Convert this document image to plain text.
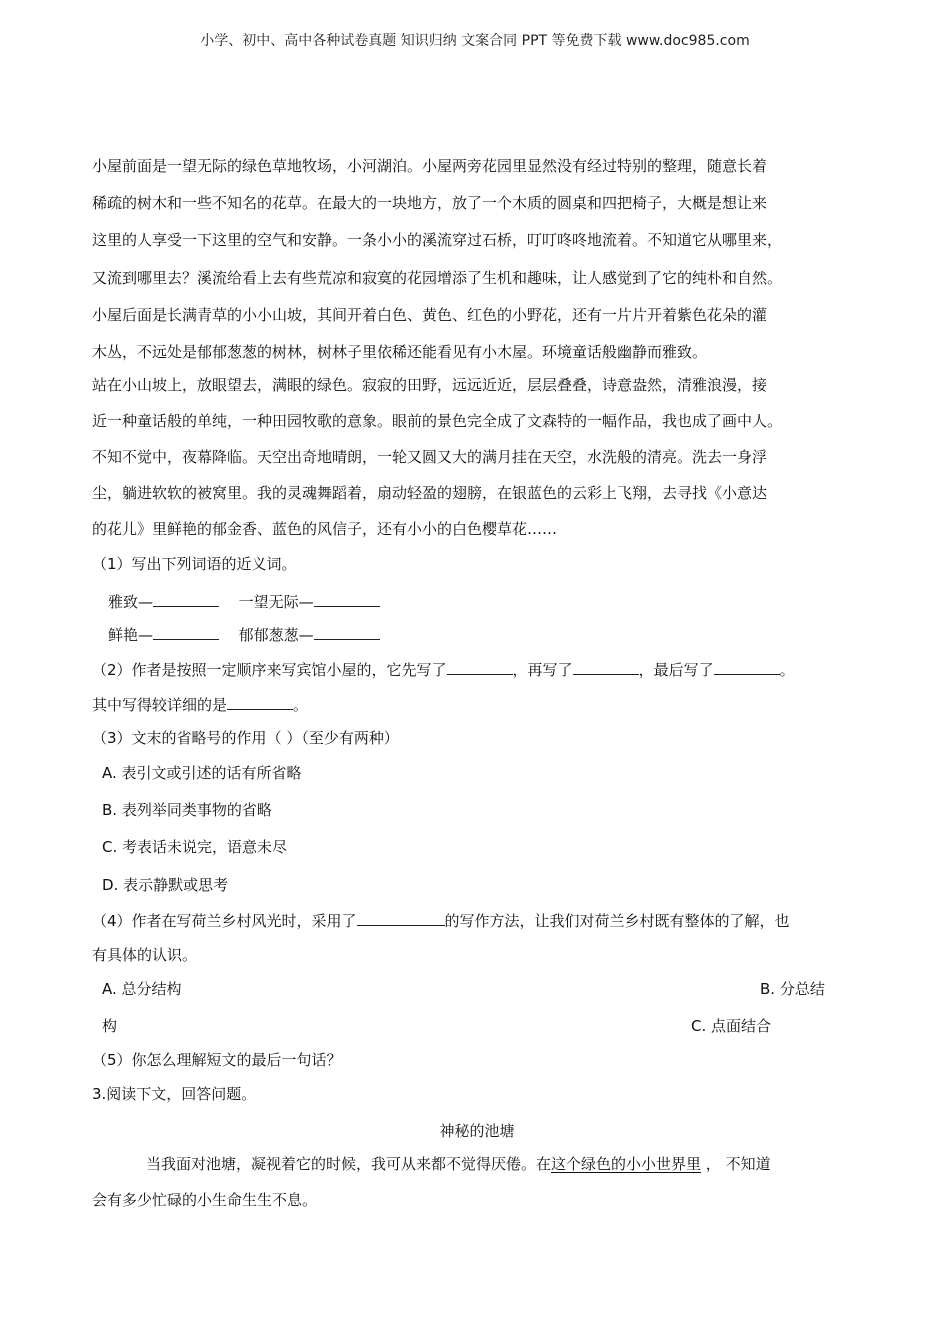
小学、初中、高中各种试卷真题 知识归纳 文案合同 PPT 等免费下载 www.doc985.com
小屋前面是一望无际的绿色草地牧场，小河湖泊。小屋两旁花园里显然没有经过特别的整理，随意长着
稀疏的树木和一些不知名的花草。在最大的一块地方，放了一个木质的圆桌和四把椅子，大概是想让来
这里的人享受一下这里的空气和安静。一条小小的溪流穿过石桥，叮叮咚咚地流着。不知道它从哪里来，
又流到哪里去？溪流给看上去有些荒凉和寂寞的花园增添了生机和趣味，让人感觉到了它的纯朴和自然。
小屋后面是长满青草的小小山坡，其间开着白色、黄色、红色的小野花，还有一片片开着紫色花朵的灌
木丛，不远处是郁郁葱葱的树林，树林子里依稀还能看见有小木屋。环境童话般幽静而雅致。
站在小山坡上，放眼望去，满眼的绿色。寂寂的田野，远远近近，层层叠叠，诗意盎然，清雅浪漫，接
近一种童话般的单纯，一种田园牧歌的意象。眼前的景色完全成了文森特的一幅作品，我也成了画中人。
不知不觉中，夜幕降临。天空出奇地晴朗，一轮又圆又大的满月挂在天空，水洗般的清亮。洗去一身浮
尘，躺进软软的被窝里。我的灵魂舞蹈着，扇动轻盈的翅膀，在银蓝色的云彩上飞翔，去寻找《小意达
的花儿》里鲜艳的郁金香、蓝色的风信子，还有小小的白色樱草花……
（1）写出下列词语的近义词。
雅致—	一望无际—
鲜艳—	郁郁葱葱—
（2）作者是按照一定顺序来写宾馆小屋的，它先写了	，再写了	，最后写了	。
其中写得较详细的是	。
（3）文末的省略号的作用（ ）（至少有两种）
A. 表引文或引述的话有所省略
B. 表列举同类事物的省略
C. 考表话未说完，语意未尽
D. 表示静默或思考
（4）作者在写荷兰乡村风光时，采用了	的写作方法，让我们对荷兰乡村既有整体的了解，也
有具体的认识。
A. 总分结构	B. 分总结
构	C. 点面结合
（5）你怎么理解短文的最后一句话？
3.阅读下文，回答问题。
神秘的池塘
当我面对池塘，凝视着它的时候，我可从来都不觉得厌倦。在这个绿色的小小世界里 ， 不知道
会有多少忙碌的小生命生生不息。
